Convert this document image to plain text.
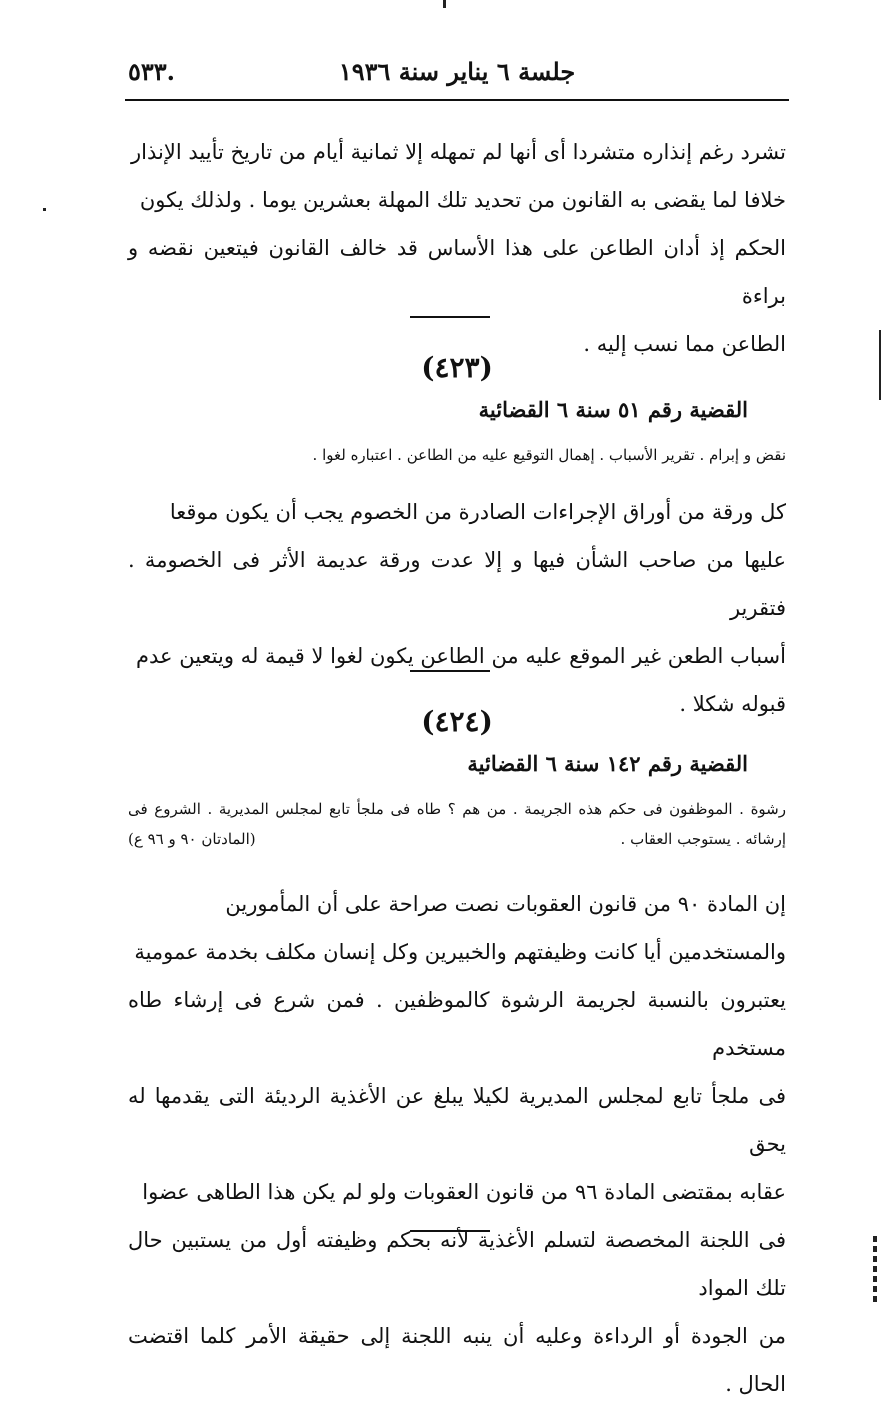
جلسة ٦ يناير سنة ١٩٣٦
٥٣٣.
تشرد رغم إنذاره متشردا أى أنها لم تمهله إلا ثمانية أيام من تاريخ تأييد الإنذار
خلافا لما يقضى به القانون من تحديد تلك المهلة بعشرين يوما . ولذلك يكون
الحكم إذ أدان الطاعن على هذا الأساس قد خالف القانون فيتعين نقضه و براءة
الطاعن مما نسب إليه .
(٤٢٣)
القضية رقم ٥١ سنة ٦ القضائية
نقض و إبرام . تقرير الأسباب . إهمال التوقيع عليه من الطاعن . اعتباره لغوا .
كل ورقة من أوراق الإجراءات الصادرة من الخصوم يجب أن يكون موقعا
عليها من صاحب الشأن فيها و إلا عدت ورقة عديمة الأثر فى الخصومة . فتقرير
أسباب الطعن غير الموقع عليه من الطاعن يكون لغوا لا قيمة له ويتعين عدم
قبوله شكلا .
(٤٢٤)
القضية رقم ١٤٢ سنة ٦ القضائية
رشوة . الموظفون فى حكم هذه الجريمة . من هم ؟ طاه فى ملجأ تابع لمجلس المديرية . الشروع فى إرشائه . يستوجب العقاب .
(المادتان ٩٠ و ٩٦ ع)
إن المادة ٩٠ من قانون العقوبات نصت صراحة على أن المأمورين
والمستخدمين أيا كانت وظيفتهم والخبيرين وكل إنسان مكلف بخدمة عمومية
يعتبرون بالنسبة لجريمة الرشوة كالموظفين . فمن شرع فى إرشاء طاه مستخدم
فى ملجأ تابع لمجلس المديرية لكيلا يبلغ عن الأغذية الرديئة التى يقدمها له يحق
عقابه بمقتضى المادة ٩٦ من قانون العقوبات ولو لم يكن هذا الطاهى عضوا
فى اللجنة المخصصة لتسلم الأغذية لأنه بحكم وظيفته أول من يستبين حال تلك المواد
من الجودة أو الرداءة وعليه أن ينبه اللجنة إلى حقيقة الأمر كلما اقتضت الحال .
